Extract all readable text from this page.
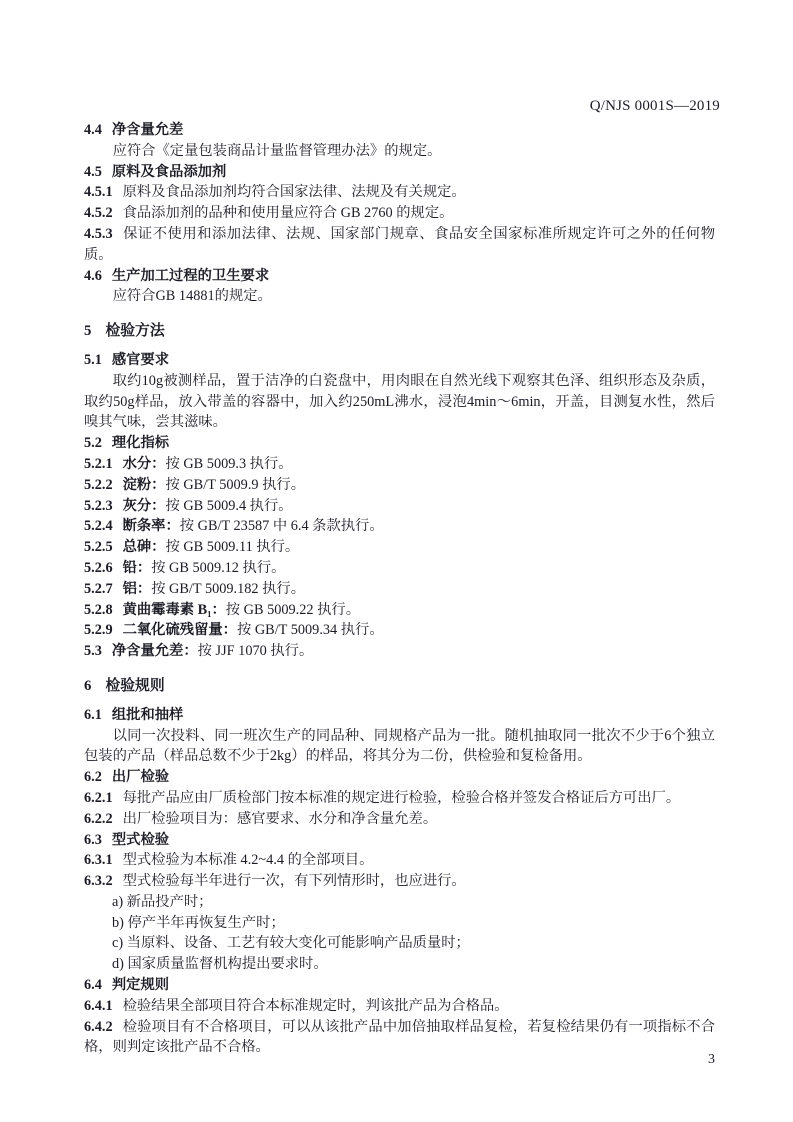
Q/NJS 0001S—2019
4.4 净含量允差
应符合《定量包装商品计量监督管理办法》的规定。
4.5 原料及食品添加剂
4.5.1 原料及食品添加剂均符合国家法律、法规及有关规定。
4.5.2 食品添加剂的品种和使用量应符合 GB 2760 的规定。
4.5.3 保证不使用和添加法律、法规、国家部门规章、食品安全国家标准所规定许可之外的任何物质。
4.6 生产加工过程的卫生要求
应符合GB 14881的规定。
5 检验方法
5.1 感官要求
取约10g被测样品，置于洁净的白瓷盘中，用肉眼在自然光线下观察其色泽、组织形态及杂质，取约50g样品，放入带盖的容器中，加入约250mL沸水，浸泡4min～6min，开盖，目测复水性，然后嗅其气味，尝其滋味。
5.2 理化指标
5.2.1 水分：按 GB 5009.3 执行。
5.2.2 淀粉：按 GB/T 5009.9 执行。
5.2.3 灰分：按 GB 5009.4 执行。
5.2.4 断条率：按 GB/T 23587 中 6.4 条款执行。
5.2.5 总砷：按 GB 5009.11 执行。
5.2.6 铅：按 GB 5009.12 执行。
5.2.7 铝：按 GB/T 5009.182 执行。
5.2.8 黄曲霉毒素 B₁：按 GB 5009.22 执行。
5.2.9 二氧化硫残留量：按 GB/T 5009.34 执行。
5.3 净含量允差：按 JJF 1070 执行。
6 检验规则
6.1 组批和抽样
以同一次投料、同一班次生产的同品种、同规格产品为一批。随机抽取同一批次不少于6个独立包装的产品（样品总数不少于2kg）的样品，将其分为二份，供检验和复检备用。
6.2 出厂检验
6.2.1 每批产品应由厂质检部门按本标准的规定进行检验，检验合格并签发合格证后方可出厂。
6.2.2 出厂检验项目为：感官要求、水分和净含量允差。
6.3 型式检验
6.3.1 型式检验为本标准 4.2~4.4 的全部项目。
6.3.2 型式检验每半年进行一次，有下列情形时，也应进行。
a) 新品投产时；
b) 停产半年再恢复生产时；
c) 当原料、设备、工艺有较大变化可能影响产品质量时；
d) 国家质量监督机构提出要求时。
6.4 判定规则
6.4.1 检验结果全部项目符合本标准规定时，判该批产品为合格品。
6.4.2 检验项目有不合格项目，可以从该批产品中加倍抽取样品复检，若复检结果仍有一项指标不合格，则判定该批产品不合格。
3
